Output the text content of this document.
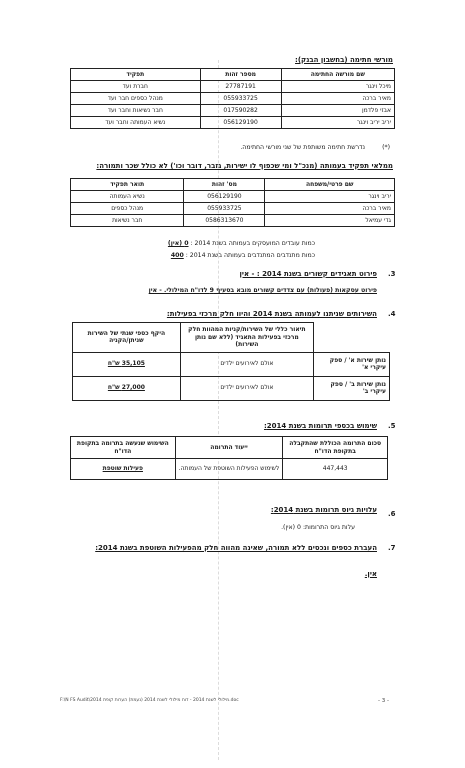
מורשי חתימה (בחשבון הבנק):
שם מורשה החתימה	מספר זהות	תפקיד
מיכל וינגר	27787191	חברת ועד
מאיר ברכה	055933725	מנהל כספים חבר ועד
אבזי פלדמן	017590282	חבר נשיאות וחבר ועד
יריב יריב וינגר	056129190	נשיא העמותה וחבר ועד
(*)
נדרשת חתימה משותפת של שני מורשי החתימה.
ממלאי תפקיד בעמותה (מנכ"ל ומי שכפוף לו ישירות, גזבר, דובר וכו') לא כולל שכר ותמורה:
שם פרטי/משפחה	מס' זהות	תואר תפקיד
יריב וינגר	056129190	נשיא העמותה
מאיר ברכה	055933725	מנהל כספים
גדי עמיאל	0586313670	חבר נשיאות
כמות עובדים המועסקים בעמותה בשנת 2014 : 0 (אין)
כמות מתנדבים המתנדבים בעמותה בשנת 2014 : 400
.3
פירוט תאגידים קשורים בשנת 2014 : - אין
פירוט עסקאות (פעולות) עם צדדים קשורים מובא בסעיף 9 לדו"ח המילולי. - אין
.4
השירותים שניתנו לעמותה בשנת 2014 והיוו חלק מרכזי בפעילות:
	תיאור כללי של השירות/קניות המהוות חלק מרכזי בפעילות התאגיד (ללא שם נותן השירות)	היקף כספי שנתי של השירות שניתן/הקניה
נותן שירות א' / ספק עיקרי א'	אולם לאירועים ילדים	35,105 ש"ח
נותן שירות ב' / ספק עיקרי ב'	אולם לאירועים ילדים	27,000 ש"ח
.5
שימוש בכספי תרומות בשנת 2014:
סכום התרומה הכוללת שהתקבלה בתקופת הדו"ח	ייעוד התרומה	השימוש שנעשה בתרומה בתקופת הדו"ח
447,443	לשימוש הפעילות השוטפת של העמותה.	פעילות שוטפת
.6
עלויות גיוס תרומות בשנת 2014:
עלות גיוס התרומות: 0 (אין).
.7
העברת כספים ונכסים ללא תמורה, שאינה מהווה חלק מהפעילות השוטפת בשנת 2014:
אין.
F:\N FS Audit\2014 מילולי לשנת 2014 - דוח מילולי לשנת 2014 (נעמת) הערות קופת.doc	- 3 -
